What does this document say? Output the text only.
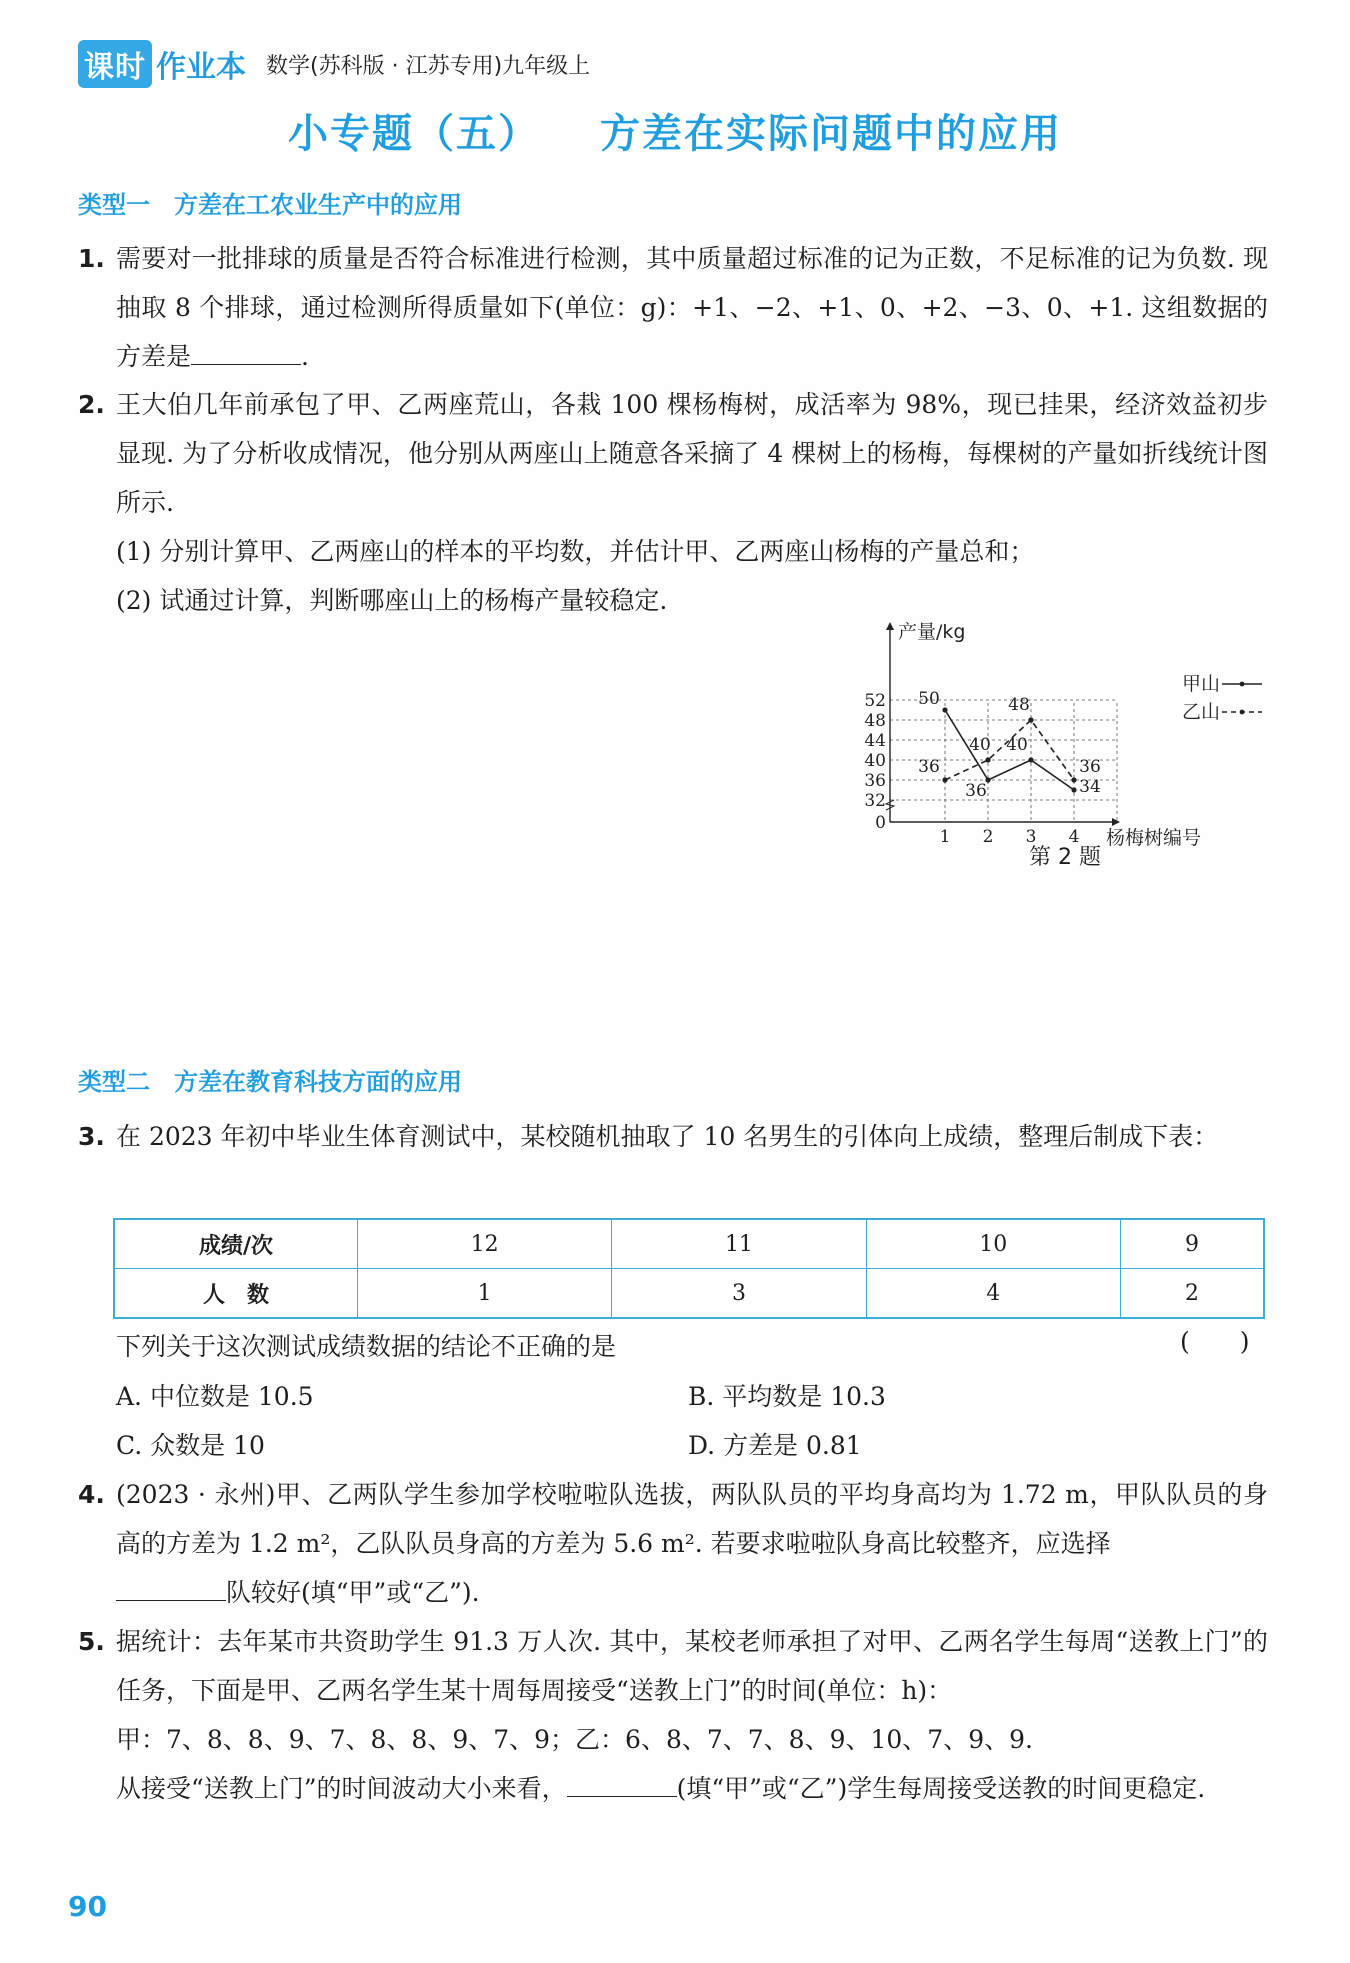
课时 作业本 数学(苏科版 · 江苏专用)九年级上
小专题（五） 方差在实际问题中的应用
类型一 方差在工农业生产中的应用
1. 需要对一批排球的质量是否符合标准进行检测，其中质量超过标准的记为正数，不足标准的记为负数. 现抽取 8 个排球，通过检测所得质量如下(单位：g)：+1、−2、+1、0、+2、−3、0、+1. 这组数据的方差是	.
2. 王大伯几年前承包了甲、乙两座荒山，各栽 100 棵杨梅树，成活率为 98%，现已挂果，经济效益初步显现. 为了分析收成情况，他分别从两座山上随意各采摘了 4 棵树上的杨梅，每棵树的产量如折线统计图所示.
(1) 分别计算甲、乙两座山的样本的平均数，并估计甲、乙两座山杨梅的产量总和；
(2) 试通过计算，判断哪座山上的杨梅产量较稳定.
0
32
36
40
44
48
52
1 2 3 4
产量/kg
杨梅树编号
50
36
40
34
36
40
48
36
甲山
乙山
第 2 题
类型二 方差在教育科技方面的应用
3. 在 2023 年初中毕业生体育测试中，某校随机抽取了 10 名男生的引体向上成绩，整理后制成下表：
成绩/次	12	11	10	9
人　数	1	3	4	2
下列关于这次测试成绩数据的结论不正确的是	(　　)
A. 中位数是 10.5	B. 平均数是 10.3
C. 众数是 10	D. 方差是 0.81
4. (2023 · 永州)甲、乙两队学生参加学校啦啦队选拔，两队队员的平均身高均为 1.72 m，甲队队员的身高的方差为 1.2 m²，乙队队员身高的方差为 5.6 m². 若要求啦啦队身高比较整齐，应选择
队较好(填“甲”或“乙”).
5. 据统计：去年某市共资助学生 91.3 万人次. 其中，某校老师承担了对甲、乙两名学生每周“送教上门”的任务，下面是甲、乙两名学生某十周每周接受“送教上门”的时间(单位：h)：
甲：7、8、8、9、7、8、8、9、7、9；乙：6、8、7、7、8、9、10、7、9、9.
从接受“送教上门”的时间波动大小来看，	(填“甲”或“乙”)学生每周接受送教的时间更稳定.
90
